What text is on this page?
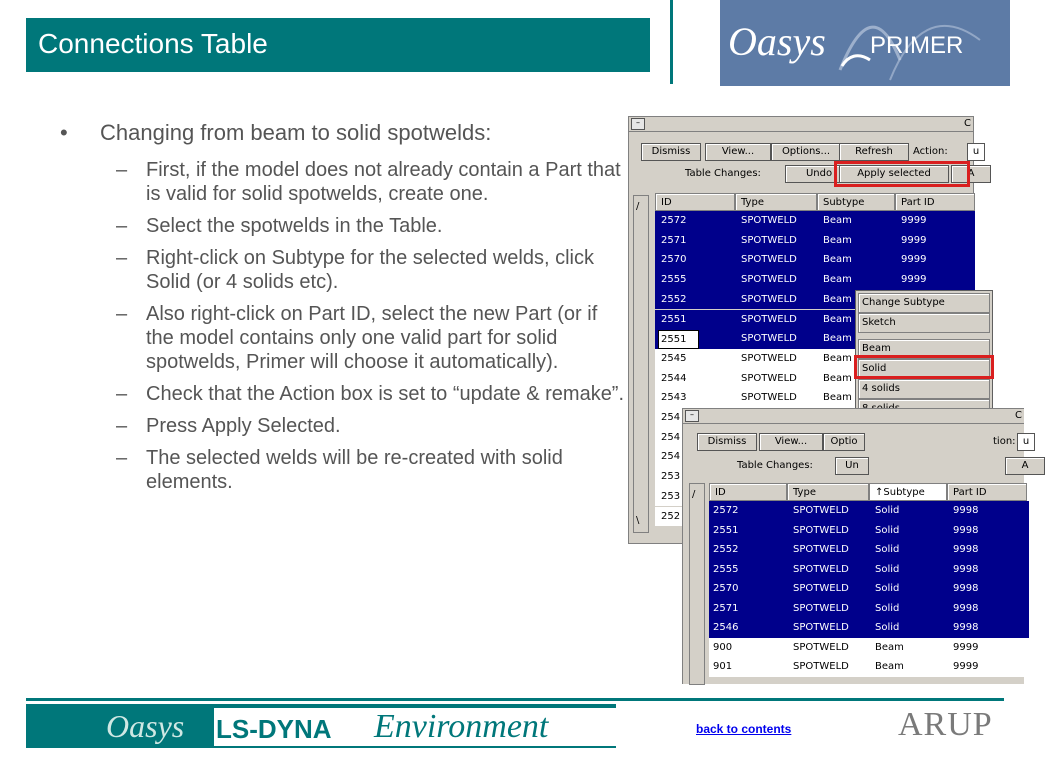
Connections Table	Oasys PRIMER
• Changing from beam to solid spotwelds:
– First, if the model does not already contain a Part that is valid for solid spotwelds, create one.
– Select the spotwelds in the Table.
– Right-click on Subtype for the selected welds, click Solid (or 4 solids etc).
– Also right-click on Part ID, select the new Part (or if the model contains only one valid part for solid spotwelds, Primer will choose it automatically).
– Check that the Action box is set to “update & remake”.
– Press Apply Selected.
– The selected welds will be re-created with solid elements.
–	C
Dismiss	View...	Options...	Refresh	Action:	u
Table Changes:	Undo	Apply selected	A
/
\
ID	Type	Subtype	Part ID
2572	SPOTWELD	Beam	9999
2571	SPOTWELD	Beam	9999
2570	SPOTWELD	Beam	9999
2555	SPOTWELD	Beam	9999
2552	SPOTWELD	Beam
2551	SPOTWELD	Beam
2551	SPOTWELD	Beam
2545	SPOTWELD	Beam
2544	SPOTWELD	Beam
2543	SPOTWELD	Beam
254
254
254
253
253
252
Change Subtype
Sketch
Beam
Solid
4 solids
–	C
Dismiss	View...	Optio	tion: u
Table Changes:	Un	A
/	ID	Type	↑Subtype	Part ID
2572	SPOTWELD	Solid	9998
2551	SPOTWELD	Solid	9998
2552	SPOTWELD	Solid	9998
2555	SPOTWELD	Solid	9998
2570	SPOTWELD	Solid	9998
2571	SPOTWELD	Solid	9998
2546	SPOTWELD	Solid	9998
900	SPOTWELD	Beam	9999
901	SPOTWELD	Beam	9999
Oasys LS-DYNA Environment	back to contents	ARUP
